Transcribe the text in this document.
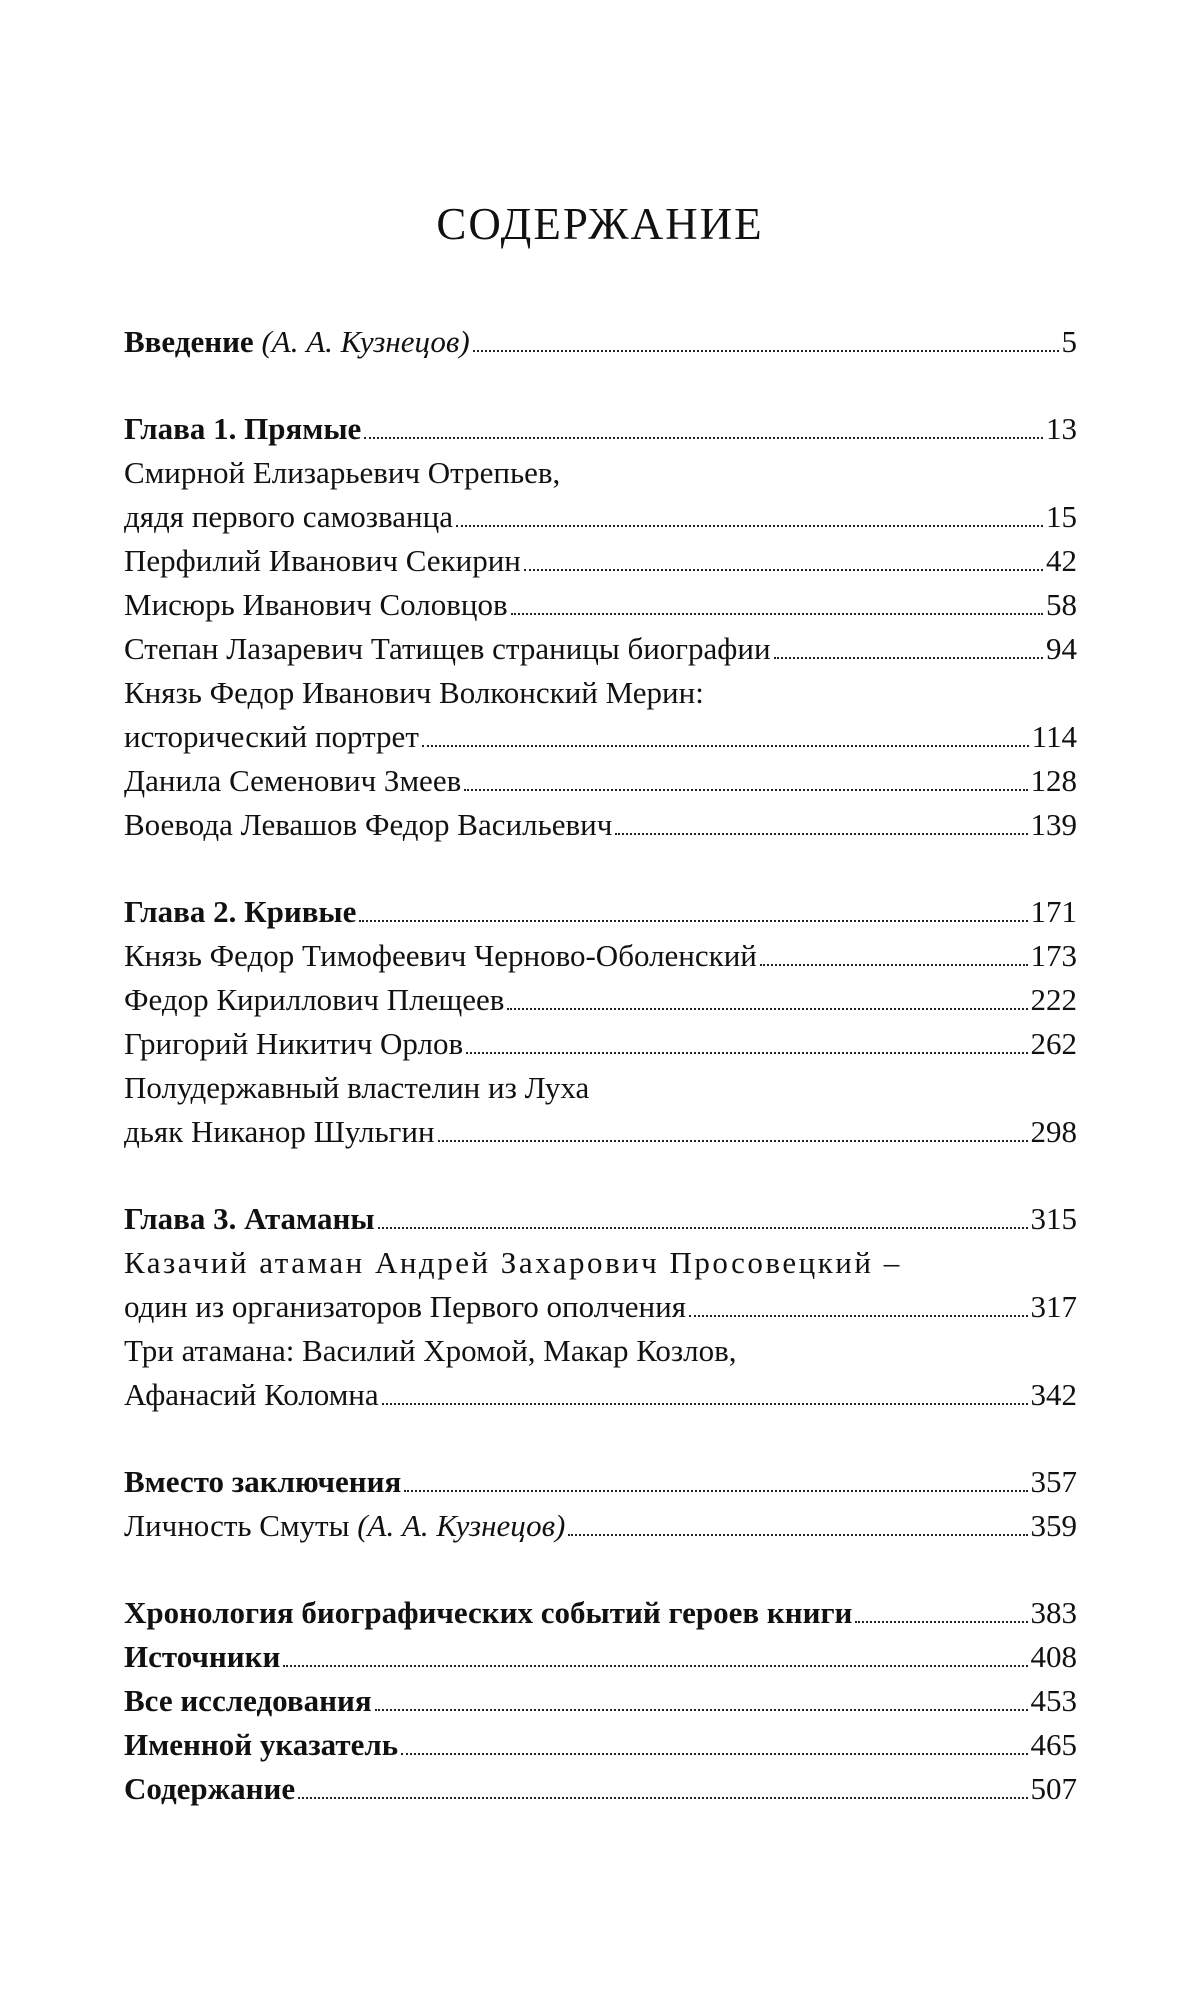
СОДЕРЖАНИЕ
Введение (А. А. Кузнецов)	5
Глава 1. Прямые	13
Смирной Елизарьевич Отрепьев,
дядя первого самозванца	15
Перфилий Иванович Секирин	42
Мисюрь Иванович Соловцов	58
Степан Лазаревич Татищев страницы биографии	94
Князь Федор Иванович Волконский Мерин:
исторический портрет	114
Данила Семенович Змеев	128
Воевода Левашов Федор Васильевич	139
Глава 2. Кривые	171
Князь Федор Тимофеевич Черново-Оболенский	173
Федор Кириллович Плещеев	222
Григорий Никитич Орлов	262
Полудержавный властелин из Луха
дьяк Никанор Шульгин	298
Глава 3. Атаманы	315
Казачий атаман Андрей Захарович Просовецкий –
один из организаторов Первого ополчения	317
Три атамана: Василий Хромой, Макар Козлов,
Афанасий Коломна	342
Вместо заключения	357
Личность Смуты (А. А. Кузнецов)	359
Хронология биографических событий героев книги	383
Источники	408
Все исследования	453
Именной указатель	465
Содержание	507
